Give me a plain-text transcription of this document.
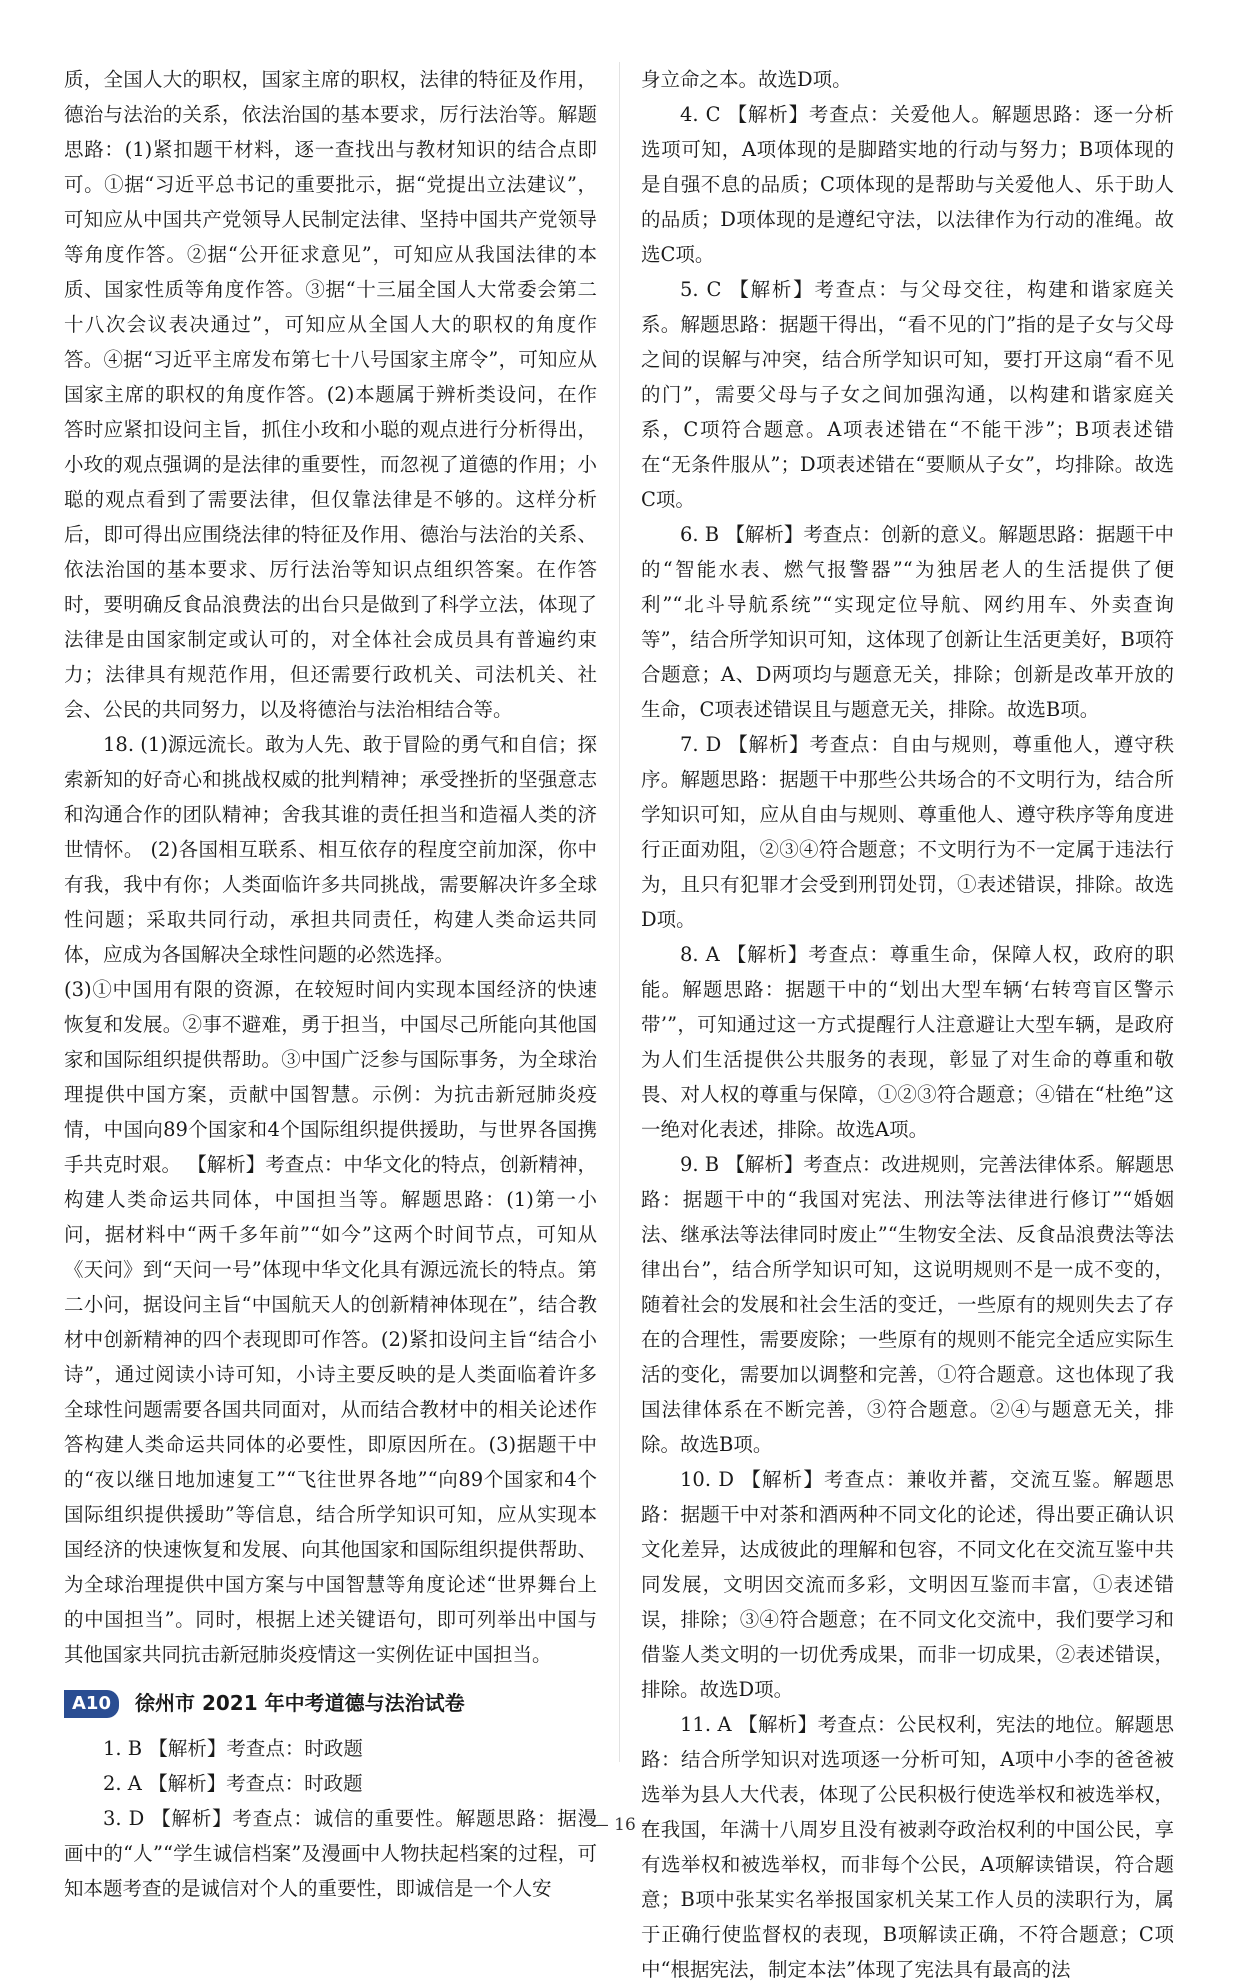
质，全国人大的职权，国家主席的职权，法律的特征及作用，德治与法治的关系，依法治国的基本要求，厉行法治等。解题思路：(1)紧扣题干材料，逐一查找出与教材知识的结合点即可。①据“习近平总书记的重要批示，据“党提出立法建议”，可知应从中国共产党领导人民制定法律、坚持中国共产党领导等角度作答。②据“公开征求意见”，可知应从我国法律的本质、国家性质等角度作答。③据“十三届全国人大常委会第二十八次会议表决通过”，可知应从全国人大的职权的角度作答。④据“习近平主席发布第七十八号国家主席令”，可知应从国家主席的职权的角度作答。(2)本题属于辨析类设问，在作答时应紧扣设问主旨，抓住小玫和小聪的观点进行分析得出，小玫的观点强调的是法律的重要性，而忽视了道德的作用；小聪的观点看到了需要法律，但仅靠法律是不够的。这样分析后，即可得出应围绕法律的特征及作用、德治与法治的关系、依法治国的基本要求、厉行法治等知识点组织答案。在作答时，要明确反食品浪费法的出台只是做到了科学立法，体现了法律是由国家制定或认可的，对全体社会成员具有普遍约束力；法律具有规范作用，但还需要行政机关、司法机关、社会、公民的共同努力，以及将德治与法治相结合等。

18. (1)源远流长。敢为人先、敢于冒险的勇气和自信；探索新知的好奇心和挑战权威的批判精神；承受挫折的坚强意志和沟通合作的团队精神；舍我其谁的责任担当和造福人类的济世情怀。 (2)各国相互联系、相互依存的程度空前加深，你中有我，我中有你；人类面临许多共同挑战，需要解决许多全球性问题；采取共同行动，承担共同责任，构建人类命运共同体，应成为各国解决全球性问题的必然选择。

(3)①中国用有限的资源，在较短时间内实现本国经济的快速恢复和发展。②事不避难，勇于担当，中国尽己所能向其他国家和国际组织提供帮助。③中国广泛参与国际事务，为全球治理提供中国方案，贡献中国智慧。示例：为抗击新冠肺炎疫情，中国向89个国家和4个国际组织提供援助，与世界各国携手共克时艰。 【解析】考查点：中华文化的特点，创新精神，构建人类命运共同体，中国担当等。解题思路：(1)第一小问，据材料中“两千多年前”“如今”这两个时间节点，可知从《天问》到“天问一号”体现中华文化具有源远流长的特点。第二小问，据设问主旨“中国航天人的创新精神体现在”，结合教材中创新精神的四个表现即可作答。(2)紧扣设问主旨“结合小诗”，通过阅读小诗可知，小诗主要反映的是人类面临着许多全球性问题需要各国共同面对，从而结合教材中的相关论述作答构建人类命运共同体的必要性，即原因所在。(3)据题干中的“夜以继日地加速复工”“飞往世界各地”“向89个国家和4个国际组织提供援助”等信息，结合所学知识可知，应从实现本国经济的快速恢复和发展、向其他国家和国际组织提供帮助、为全球治理提供中国方案与中国智慧等角度论述“世界舞台上的中国担当”。同时，根据上述关键语句，即可列举出中国与其他国家共同抗击新冠肺炎疫情这一实例佐证中国担当。

A10	徐州市 2021 年中考道德与法治试卷

1. B 【解析】考查点：时政题

2. A 【解析】考查点：时政题

3. D 【解析】考查点：诚信的重要性。解题思路：据漫画中的“人”“学生诚信档案”及漫画中人物扶起档案的过程，可知本题考查的是诚信对个人的重要性，即诚信是一个人安

身立命之本。故选D项。

4. C 【解析】考查点：关爱他人。解题思路：逐一分析选项可知，A项体现的是脚踏实地的行动与努力；B项体现的是自强不息的品质；C项体现的是帮助与关爱他人、乐于助人的品质；D项体现的是遵纪守法，以法律作为行动的准绳。故选C项。

5. C 【解析】考查点：与父母交往，构建和谐家庭关系。解题思路：据题干得出，“看不见的门”指的是子女与父母之间的误解与冲突，结合所学知识可知，要打开这扇“看不见的门”，需要父母与子女之间加强沟通，以构建和谐家庭关系，C项符合题意。A项表述错在“不能干涉”；B项表述错在“无条件服从”；D项表述错在“要顺从子女”，均排除。故选C项。

6. B 【解析】考查点：创新的意义。解题思路：据题干中的“智能水表、燃气报警器”“为独居老人的生活提供了便利”“北斗导航系统”“实现定位导航、网约用车、外卖查询等”，结合所学知识可知，这体现了创新让生活更美好，B项符合题意；A、D两项均与题意无关，排除；创新是改革开放的生命，C项表述错误且与题意无关，排除。故选B项。

7. D 【解析】考查点：自由与规则，尊重他人，遵守秩序。解题思路：据题干中那些公共场合的不文明行为，结合所学知识可知，应从自由与规则、尊重他人、遵守秩序等角度进行正面劝阻，②③④符合题意；不文明行为不一定属于违法行为，且只有犯罪才会受到刑罚处罚，①表述错误，排除。故选D项。

8. A 【解析】考查点：尊重生命，保障人权，政府的职能。解题思路：据题干中的“划出大型车辆‘右转弯盲区警示带’”，可知通过这一方式提醒行人注意避让大型车辆，是政府为人们生活提供公共服务的表现，彰显了对生命的尊重和敬畏、对人权的尊重与保障，①②③符合题意；④错在“杜绝”这一绝对化表述，排除。故选A项。

9. B 【解析】考查点：改进规则，完善法律体系。解题思路：据题干中的“我国对宪法、刑法等法律进行修订”“婚姻法、继承法等法律同时废止”“生物安全法、反食品浪费法等法律出台”，结合所学知识可知，这说明规则不是一成不变的，随着社会的发展和社会生活的变迁，一些原有的规则失去了存在的合理性，需要废除；一些原有的规则不能完全适应实际生活的变化，需要加以调整和完善，①符合题意。这也体现了我国法律体系在不断完善，③符合题意。②④与题意无关，排除。故选B项。

10. D 【解析】考查点：兼收并蓄，交流互鉴。解题思路：据题干中对茶和酒两种不同文化的论述，得出要正确认识文化差异，达成彼此的理解和包容，不同文化在交流互鉴中共同发展，文明因交流而多彩，文明因互鉴而丰富，①表述错误，排除；③④符合题意；在不同文化交流中，我们要学习和借鉴人类文明的一切优秀成果，而非一切成果，②表述错误，排除。故选D项。

11. A 【解析】考查点：公民权利，宪法的地位。解题思路：结合所学知识对选项逐一分析可知，A项中小李的爸爸被选举为县人大代表，体现了公民积极行使选举权和被选举权，在我国，年满十八周岁且没有被剥夺政治权利的中国公民，享有选举权和被选举权，而非每个公民，A项解读错误，符合题意；B项中张某实名举报国家机关某工作人员的渎职行为，属于正确行使监督权的表现，B项解读正确，不符合题意；C项中“根据宪法，制定本法”体现了宪法具有最高的法

— 16 —
